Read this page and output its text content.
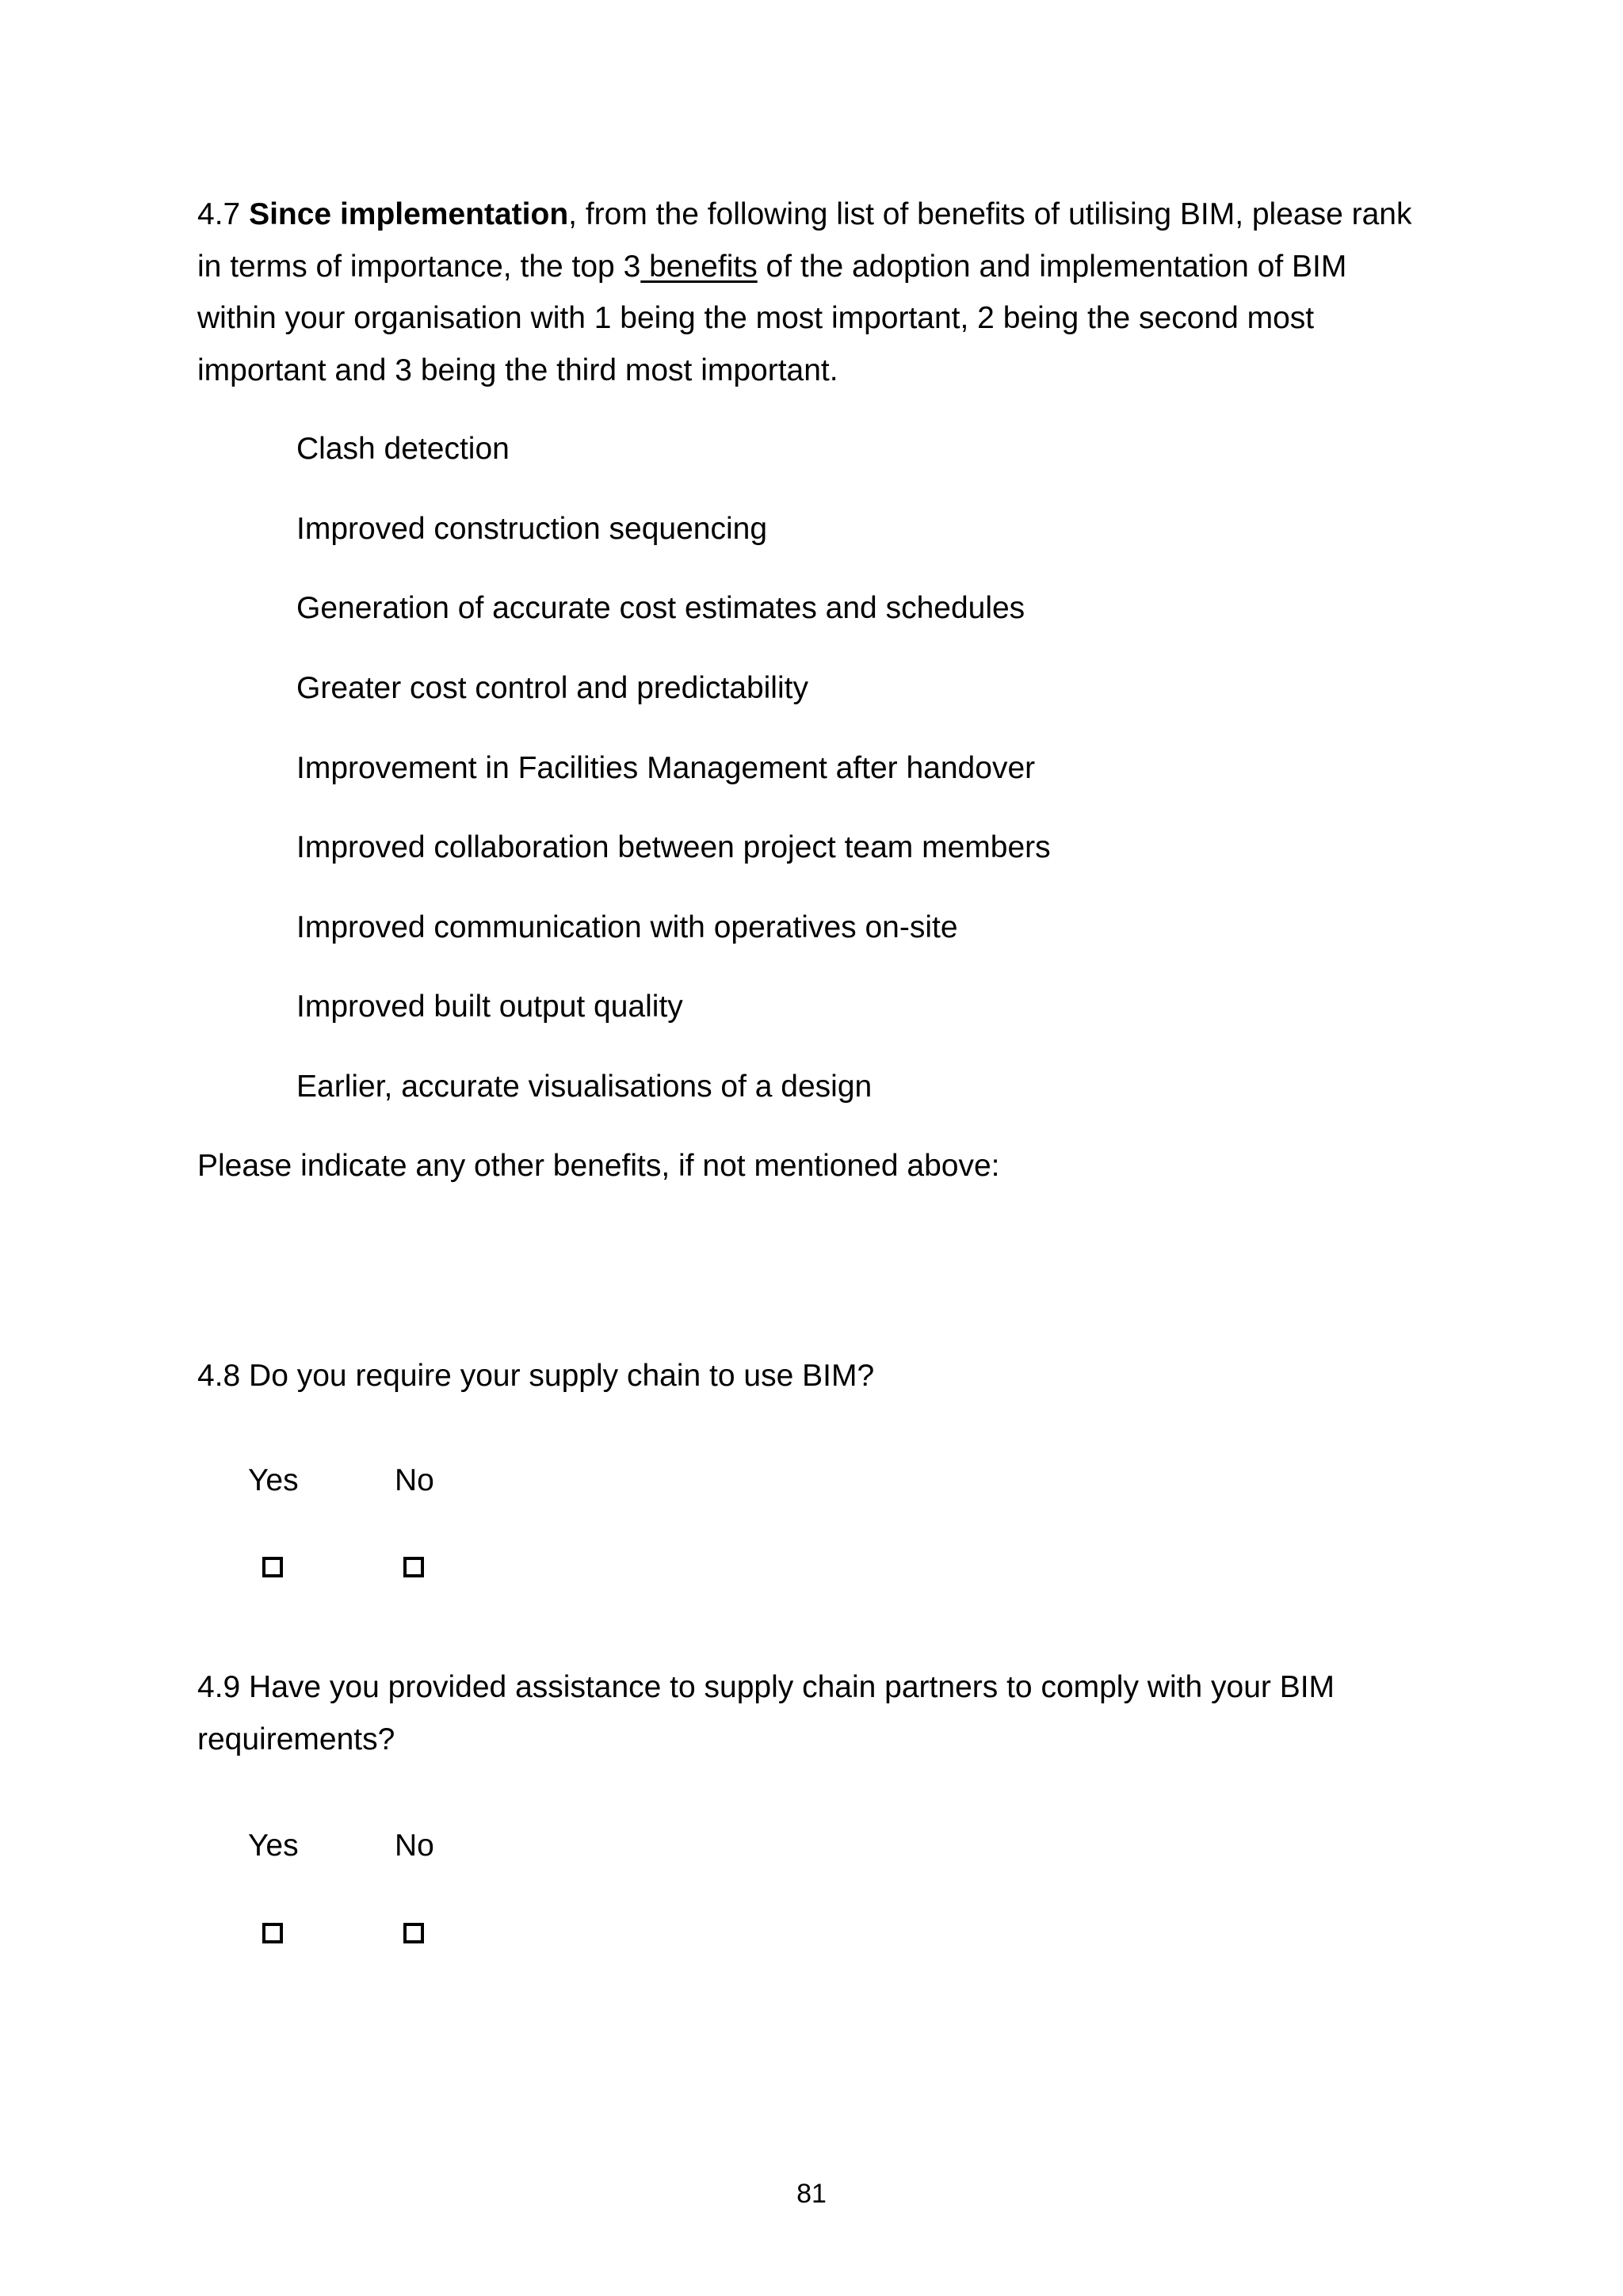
4.7 Since implementation, from the following list of benefits of utilising BIM, please rank in terms of importance, the top 3 benefits of the adoption and implementation of BIM within your organisation with 1 being the most important, 2 being the second most important and 3 being the third most important.

Clash detection
Improved construction sequencing
Generation of accurate cost estimates and schedules
Greater cost control and predictability
Improvement in Facilities Management after handover
Improved collaboration between project team members
Improved communication with operatives on-site
Improved built output quality
Earlier, accurate visualisations of a design
Please indicate any other benefits, if not mentioned above:

4.8 Do you require your supply chain to use BIM?

Yes	No

4.9 Have you provided assistance to supply chain partners to comply with your BIM requirements?

Yes	No
81
